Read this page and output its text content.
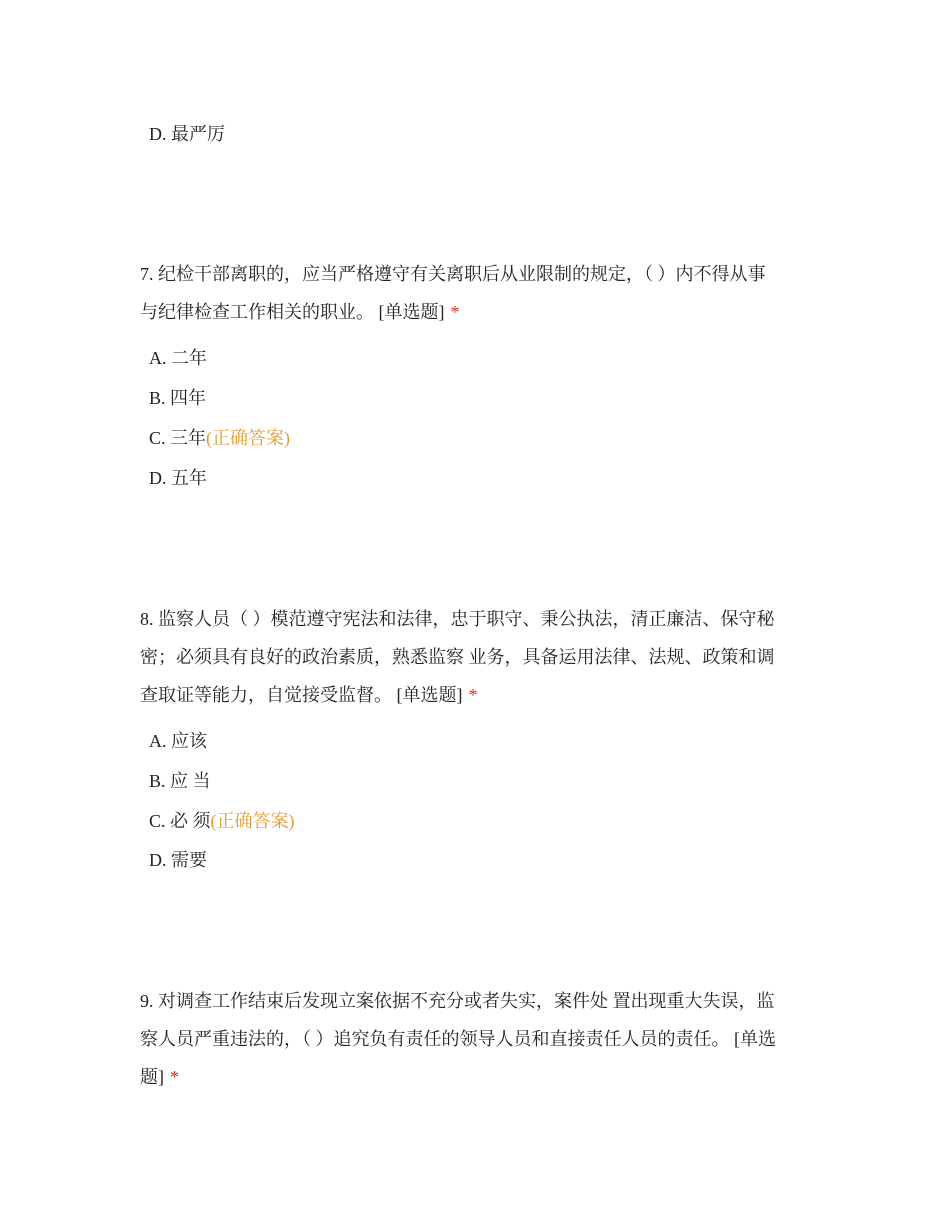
D. 最严厉
7. 纪检干部离职的，应当严格遵守有关离职后从业限制的规定，（ ）内不得从事
与纪律检查工作相关的职业。 [单选题] *
A. 二年
B. 四年
C. 三年(正确答案)
D. 五年
8. 监察人员（ ）模范遵守宪法和法律，忠于职守、秉公执法，清正廉洁、保守秘
密；必须具有良好的政治素质，熟悉监察 业务，具备运用法律、法规、政策和调
查取证等能力，自觉接受监督。 [单选题] *
A. 应该
B. 应 当
C. 必 须(正确答案)
D. 需要
9. 对调查工作结束后发现立案依据不充分或者失实，案件处 置出现重大失误，监
察人员严重违法的，（ ）追究负有责任的领导人员和直接责任人员的责任。 [单选
题] *
